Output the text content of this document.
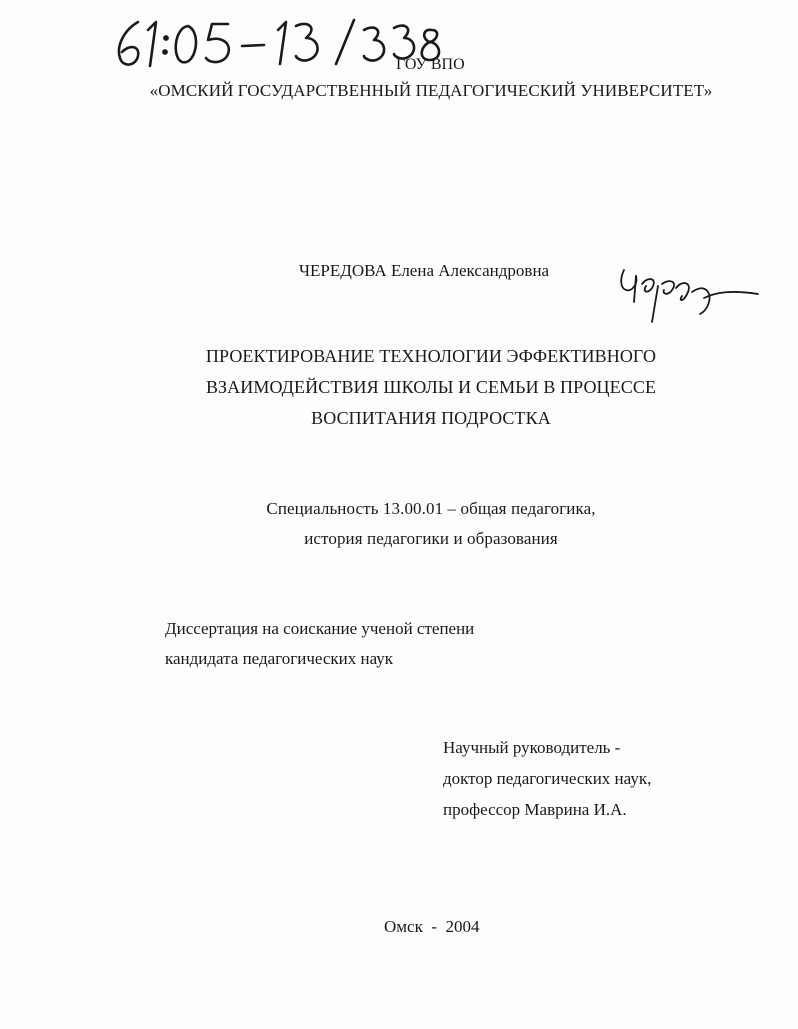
ГОУ ВПО

«ОМСКИЙ ГОСУДАРСТВЕННЫЙ ПЕДАГОГИЧЕСКИЙ УНИВЕРСИТЕТ»

ЧЕРЕДОВА Елена Александровна

ПРОЕКТИРОВАНИЕ ТЕХНОЛОГИИ ЭФФЕКТИВНОГО

ВЗАИМОДЕЙСТВИЯ ШКОЛЫ И СЕМЬИ В ПРОЦЕССЕ

ВОСПИТАНИЯ ПОДРОСТКА

Специальность 13.00.01 – общая педагогика,

история педагогики и образования

Диссертация на соискание ученой степени

кандидата педагогических наук

Научный руководитель -

доктор педагогических наук,

профессор Маврина И.А.

Омск  -  2004
